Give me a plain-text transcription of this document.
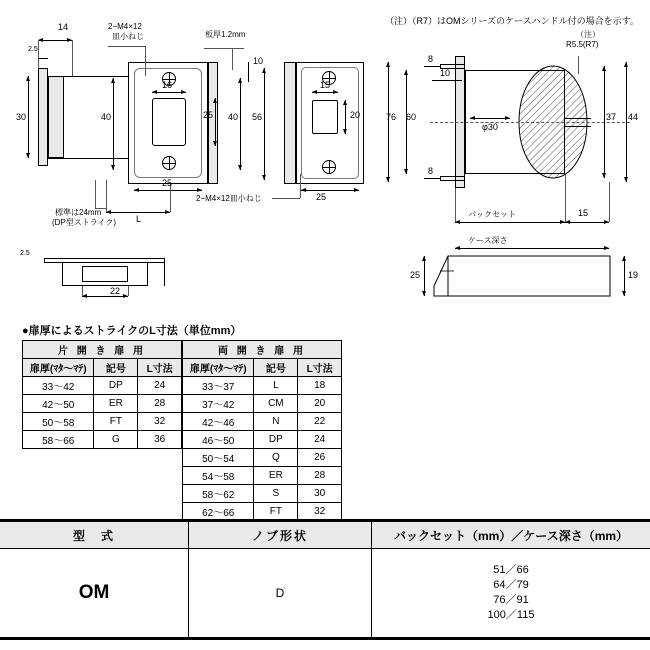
（注）（R7）はOMシリーズのケースハンドル付の場合を示す。
14
2.5
30
標準は24mm
(DP型ストライク)
2−M4×12
皿小ねじ	板厚1.2mm
40
16
25 40 56
10
25
L
2−M4×12皿小ねじ
15
20
25
（注）
R5.5(R7)
8
10
76 60
φ30
37 44
8
バックセット	15
ケース深さ
2.5
22
25	19
●扉厚によるストライクのL寸法（単位mm）
片 開 き 扉 用		
扉厚(ﾏﾀ～ﾏﾃ)	記号	L寸法
33～42	DP	24
42～50	ER	28
50～58	FT	32
58～66	G	36
両 開 き 扉 用		
扉厚(ﾏﾀ～ﾏﾃ)	記号	L寸法
33～37	L	18
37～42	CM	20
42～46	N	22
46～50	DP	24
50～54	Q	26
54～58	ER	28
58～62	S	30
62～66	FT	32
型　式	ノブ形状	バックセット（mm）／ケース深さ（mm）
OM	D	51／66
64／79
76／91
100／115
